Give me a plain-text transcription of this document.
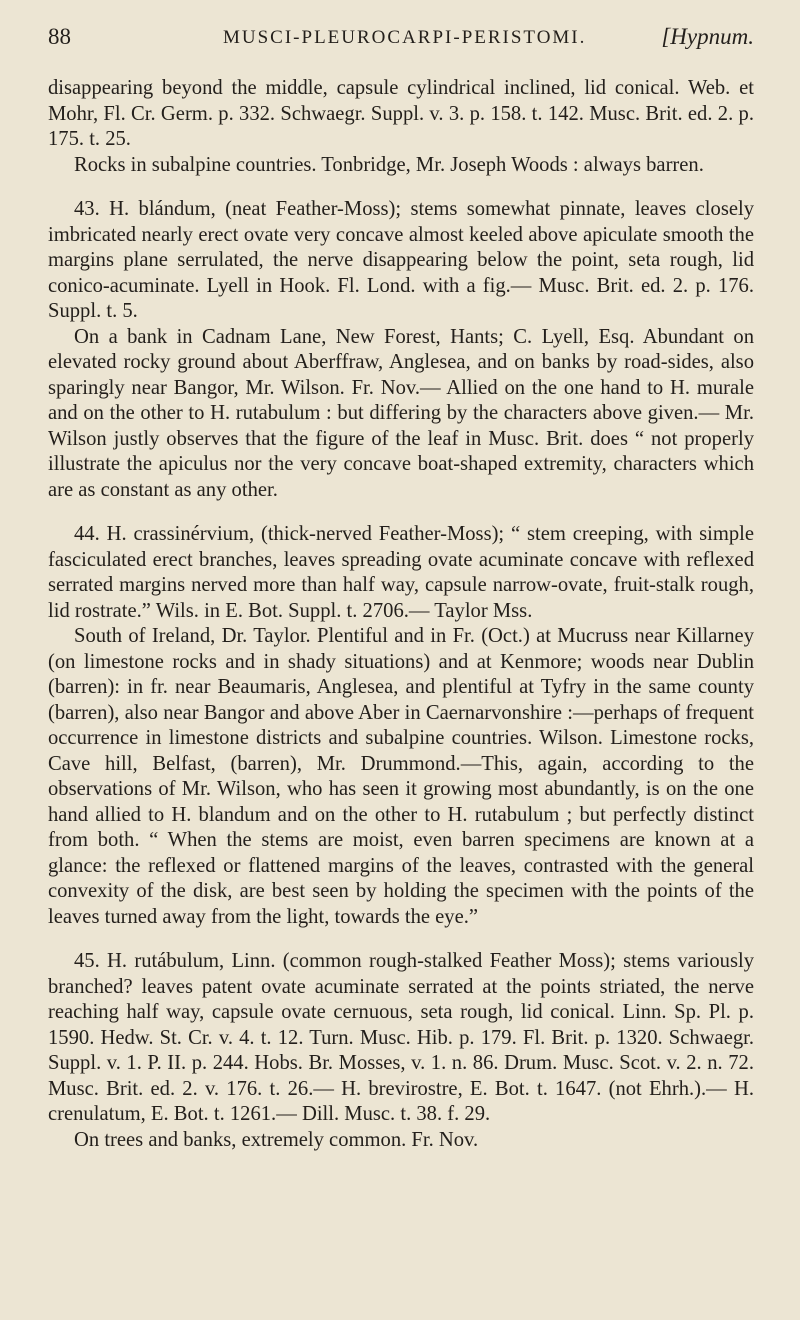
88	MUSCI-PLEUROCARPI-PERISTOMI.	[Hypnum.

disappearing beyond the middle, capsule cylindrical inclined, lid conical. Web. et Mohr, Fl. Cr. Germ. p. 332. Schwaegr. Suppl. v. 3. p. 158. t. 142. Musc. Brit. ed. 2. p. 175. t. 25.

Rocks in subalpine countries. Tonbridge, Mr. Joseph Woods : always barren.

43. H. blándum, (neat Feather-Moss); stems somewhat pinnate, leaves closely imbricated nearly erect ovate very concave almost keeled above apiculate smooth the margins plane serrulated, the nerve disappearing below the point, seta rough, lid conico-acuminate. Lyell in Hook. Fl. Lond. with a fig.— Musc. Brit. ed. 2. p. 176. Suppl. t. 5.

On a bank in Cadnam Lane, New Forest, Hants; C. Lyell, Esq. Abundant on elevated rocky ground about Aberffraw, Anglesea, and on banks by road-sides, also sparingly near Bangor, Mr. Wilson. Fr. Nov.— Allied on the one hand to H. murale and on the other to H. rutabulum : but differing by the characters above given.— Mr. Wilson justly observes that the figure of the leaf in Musc. Brit. does “ not properly illustrate the apiculus nor the very concave boat-shaped extremity, characters which are as constant as any other.

44. H. crassinérvium, (thick-nerved Feather-Moss); “ stem creeping, with simple fasciculated erect branches, leaves spreading ovate acuminate concave with reflexed serrated margins nerved more than half way, capsule narrow-ovate, fruit-stalk rough, lid rostrate.” Wils. in E. Bot. Suppl. t. 2706.— Taylor Mss.

South of Ireland, Dr. Taylor. Plentiful and in Fr. (Oct.) at Mucruss near Killarney (on limestone rocks and in shady situations) and at Kenmore; woods near Dublin (barren): in fr. near Beaumaris, Anglesea, and plentiful at Tyfry in the same county (barren), also near Bangor and above Aber in Caernarvonshire :—perhaps of frequent occurrence in limestone districts and subalpine countries. Wilson. Limestone rocks, Cave hill, Belfast, (barren), Mr. Drummond.—This, again, according to the observations of Mr. Wilson, who has seen it growing most abundantly, is on the one hand allied to H. blandum and on the other to H. rutabulum ; but perfectly distinct from both. “ When the stems are moist, even barren specimens are known at a glance: the reflexed or flattened margins of the leaves, contrasted with the general convexity of the disk, are best seen by holding the specimen with the points of the leaves turned away from the light, towards the eye.”

45. H. rutábulum, Linn. (common rough-stalked Feather Moss); stems variously branched? leaves patent ovate acuminate serrated at the points striated, the nerve reaching half way, capsule ovate cernuous, seta rough, lid conical. Linn. Sp. Pl. p. 1590. Hedw. St. Cr. v. 4. t. 12. Turn. Musc. Hib. p. 179. Fl. Brit. p. 1320. Schwaegr. Suppl. v. 1. P. II. p. 244. Hobs. Br. Mosses, v. 1. n. 86. Drum. Musc. Scot. v. 2. n. 72. Musc. Brit. ed. 2. v. 176. t. 26.— H. brevirostre, E. Bot. t. 1647. (not Ehrh.).— H. crenulatum, E. Bot. t. 1261.— Dill. Musc. t. 38. f. 29.

On trees and banks, extremely common. Fr. Nov.
